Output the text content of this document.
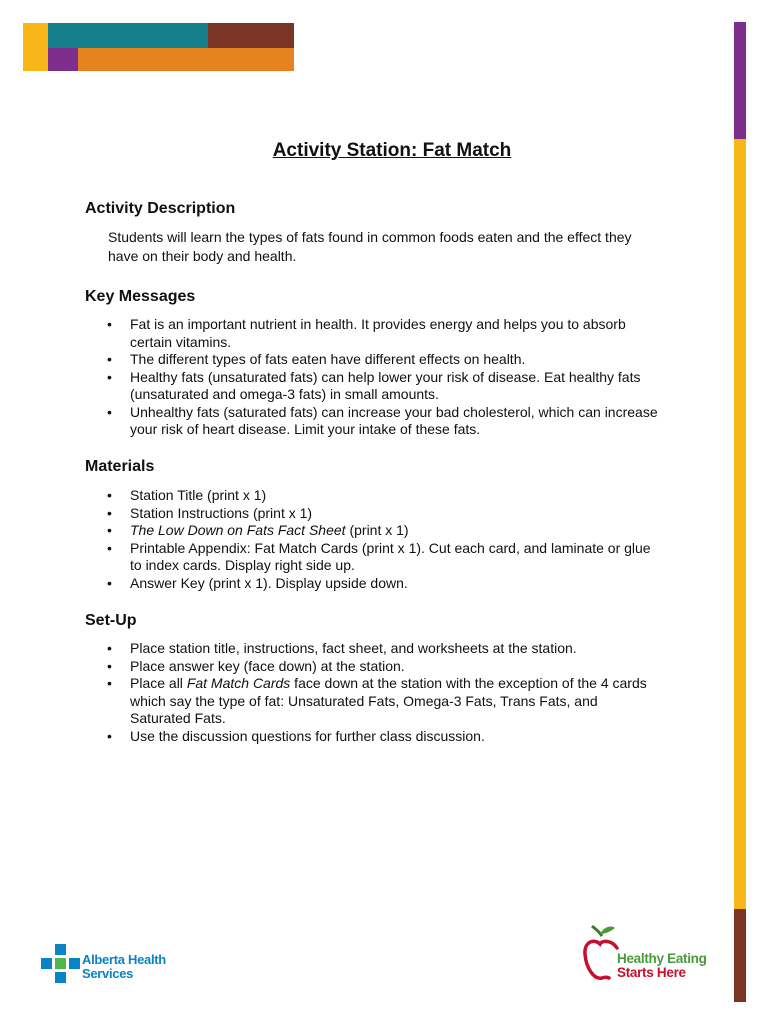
Activity Station: Fat Match
Activity Description
Students will learn the types of fats found in common foods eaten and the effect they
have on their body and health.
Key Messages
• Fat is an important nutrient in health. It provides energy and helps you to absorb
certain vitamins.
• The different types of fats eaten have different effects on health.
• Healthy fats (unsaturated fats) can help lower your risk of disease. Eat healthy fats
(unsaturated and omega-3 fats) in small amounts.
• Unhealthy fats (saturated fats) can increase your bad cholesterol, which can increase
your risk of heart disease. Limit your intake of these fats.
Materials
• Station Title (print x 1)
• Station Instructions (print x 1)
• The Low Down on Fats Fact Sheet (print x 1)
• Printable Appendix: Fat Match Cards (print x 1). Cut each card, and laminate or glue
to index cards. Display right side up.
• Answer Key (print x 1). Display upside down.
Set-Up
• Place station title, instructions, fact sheet, and worksheets at the station.
• Place answer key (face down) at the station.
• Place all Fat Match Cards face down at the station with the exception of the 4 cards
which say the type of fat: Unsaturated Fats, Omega-3 Fats, Trans Fats, and
Saturated Fats.
• Use the discussion questions for further class discussion.
Alberta Health
Services
Healthy Eating
Starts Here
